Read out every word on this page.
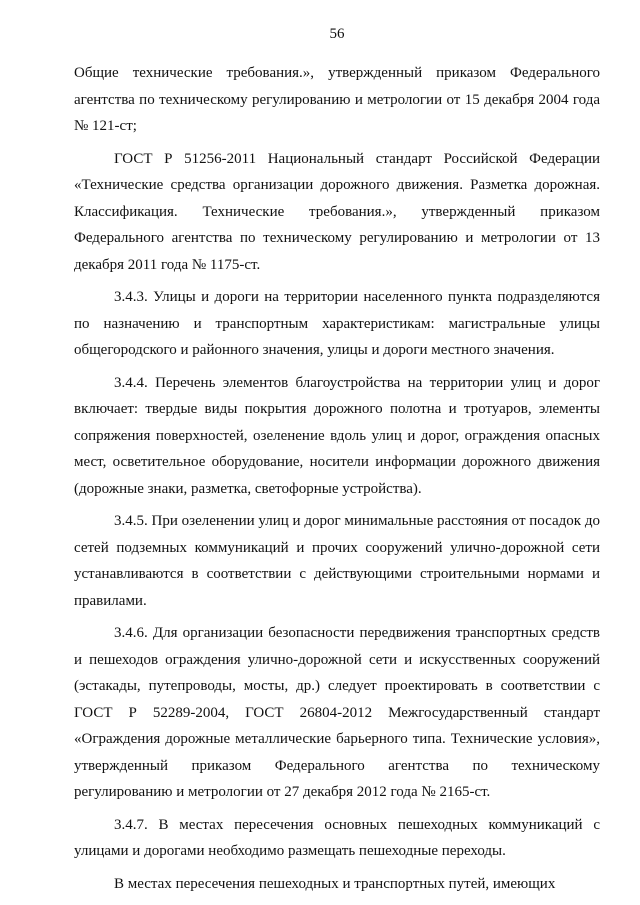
56

Общие технические требования.», утвержденный приказом Федерального агентства по техническому регулированию и метрологии от 15 декабря 2004 года № 121-ст;

ГОСТ Р 51256-2011 Национальный стандарт Российской Федерации «Технические средства организации дорожного движения. Разметка дорожная. Классификация. Технические требования.», утвержденный приказом Федерального агентства по техническому регулированию и метрологии от 13 декабря 2011 года № 1175-ст.

3.4.3. Улицы и дороги на территории населенного пункта подразделяются по назначению и транспортным характеристикам: магистральные улицы общегородского и районного значения, улицы и дороги местного значения.

3.4.4. Перечень элементов благоустройства на территории улиц и дорог включает: твердые виды покрытия дорожного полотна и тротуаров, элементы сопряжения поверхностей, озеленение вдоль улиц и дорог, ограждения опасных мест, осветительное оборудование, носители информации дорожного движения (дорожные знаки, разметка, светофорные устройства).

3.4.5. При озеленении улиц и дорог минимальные расстояния от посадок до сетей подземных коммуникаций и прочих сооружений улично-дорожной сети устанавливаются в соответствии с действующими строительными нормами и правилами.

3.4.6. Для организации безопасности передвижения транспортных средств и пешеходов ограждения улично-дорожной сети и искусственных сооружений (эстакады, путепроводы, мосты, др.) следует проектировать в соответствии с ГОСТ Р 52289-2004, ГОСТ 26804-2012 Межгосударственный стандарт «Ограждения дорожные металлические барьерного типа. Технические условия», утвержденный приказом Федерального агентства по техническому регулированию и метрологии от 27 декабря 2012 года № 2165-ст.

3.4.7. В местах пересечения основных пешеходных коммуникаций с улицами и дорогами необходимо размещать пешеходные переходы.

В местах пересечения пешеходных и транспортных путей, имеющих
